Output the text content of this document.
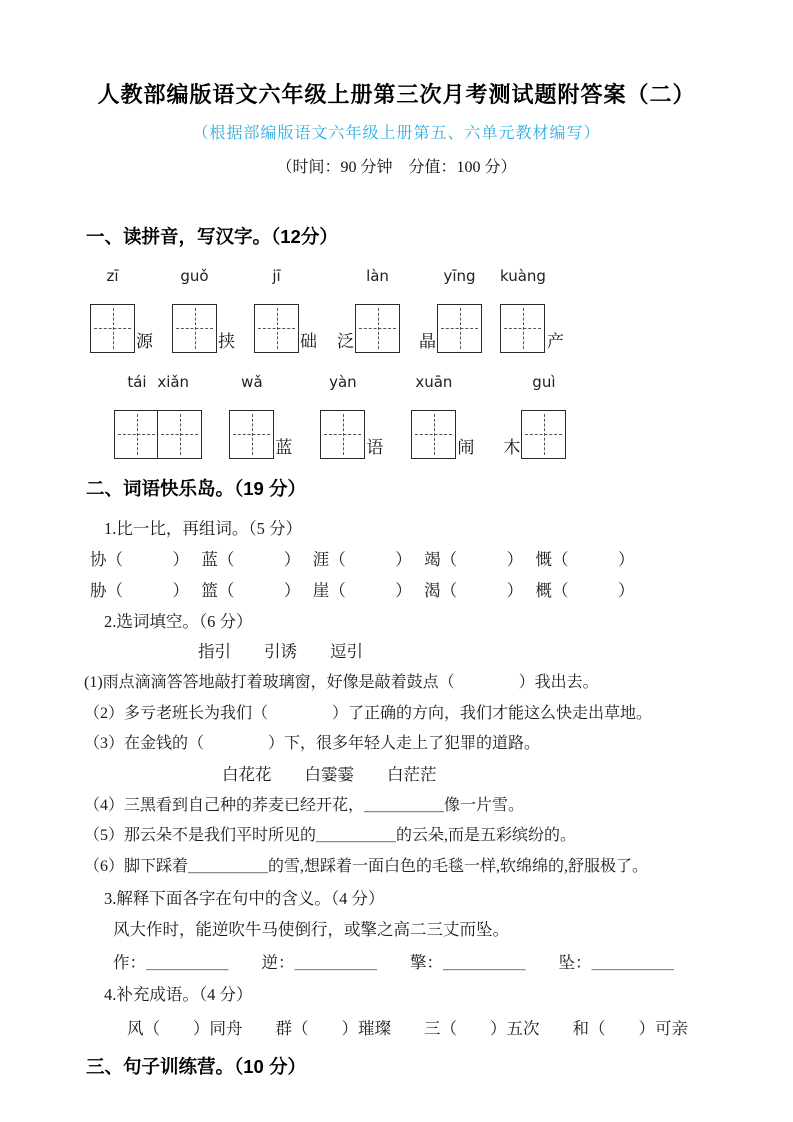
人教部编版语文六年级上册第三次月考测试题附答案（二）

（根据部编版语文六年级上册第五、六单元教材编写）

（时间：90 分钟　分值：100 分）

一、读拼音，写汉字。（12分）
zī
源
guǒ
挟
jī
础 泛
làn
晶
yīng kuàng
产
tái xiǎn	wǎ
蓝
yàn
语
xuān
闹 木
guì
二、词语快乐岛。（19 分）

1.比一比，再组词。（5 分）

协（　　　）　 蓝（　　　）　 涯（　　　）　 竭（　　　）　 慨（　　　）

胁（　　　）　 篮（　　　）　 崖（　　　）　 渴（　　　）　 概（　　　）

2.选词填空。（6 分）

指引　　引诱　　逗引

(1)雨点滴滴答答地敲打着玻璃窗，好像是敲着鼓点（　　　　）我出去。

（2）多亏老班长为我们（　　　　）了正确的方向，我们才能这么快走出草地。

（3）在金钱的（　　　　）下，很多年轻人走上了犯罪的道路。

白花花　　白霎霎　　白茫茫

（4）三黑看到自己种的荞麦已经开花，＿＿＿＿＿像一片雪。

（5）那云朵不是我们平时所见的＿＿＿＿＿的云朵,而是五彩缤纷的。

（6）脚下踩着＿＿＿＿＿的雪,想踩着一面白色的毛毯一样,软绵绵的,舒服极了。

3.解释下面各字在句中的含义。（4 分）

风大作时，能逆吹牛马使倒行，或擎之高二三丈而坠。

作：＿＿＿＿＿　　逆：＿＿＿＿＿　　擎：＿＿＿＿＿　　坠：＿＿＿＿＿

4.补充成语。（4 分）

风（　　）同舟　　群（　　）璀璨　　三（　　）五次　　和（　　）可亲

三、句子训练营。（10 分）
